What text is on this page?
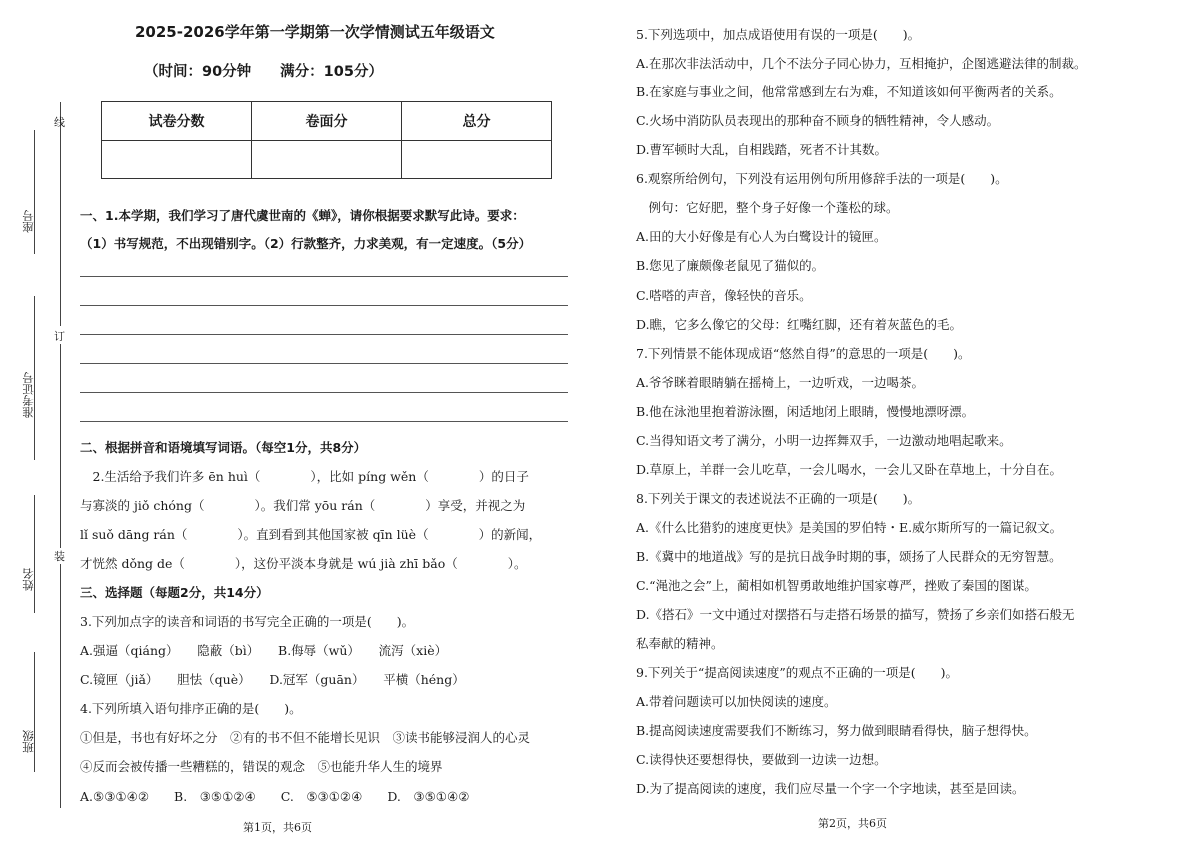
座号
准考证号
姓名
班级
线
订
装
2025-2026学年第一学期第一次学情测试五年级语文
（时间：90分钟　　满分：105分）
试卷分数	卷面分	总分

一、1.本学期，我们学习了唐代虞世南的《蝉》，请你根据要求默写此诗。要求：
（1）书写规范，不出现错别字。（2）行款整齐，力求美观，有一定速度。（5分）
二、根据拼音和语境填写词语。（每空1分，共8分）
　2.生活给予我们许多 ēn huì（　　　　），比如 píng wěn（　　　　）的日子
与寡淡的 jiǒ chóng（　　　　）。我们常 yōu rán（　　　　）享受，并视之为
lǐ suǒ dāng rán（　　　　）。直到看到其他国家被 qīn lüè（　　　　）的新闻，
才恍然 dǒng de（　　　　），这份平淡本身就是 wú jià zhī bǎo（　　　　）。
三、选择题（每题2分，共14分）
3.下列加点字的读音和词语的书写完全正确的一项是(　　)。
A.强逼（qiáng）　　隐蔽（bì）　　B.侮辱（wǔ）　　流泻（xiè）
C.镜匣（jiǎ）　　胆怯（què）　　D.冠军（guān）　　平横（héng）
4.下列所填入语句排序正确的是(　　)。
①但是，书也有好坏之分　②有的书不但不能增长见识　③读书能够浸润人的心灵
④反而会被传播一些糟糕的，错误的观念　⑤也能升华人生的境界
A.⑤③①④②　　B.　③⑤①②④　　C.　⑤③①②④　　D.　③⑤①④②
第1页，共6页
5.下列选项中，加点成语使用有误的一项是(　　)。
A.在那次非法活动中，几个不法分子同心协力，互相掩护，企图逃避法律的制裁。
B.在家庭与事业之间，他常常感到左右为难，不知道该如何平衡两者的关系。
C.火场中消防队员表现出的那种奋不顾身的牺牲精神，令人感动。
D.曹军顿时大乱，自相践踏，死者不计其数。
6.观察所给例句，下列没有运用例句所用修辞手法的一项是(　　)。
　例句：它好肥，整个身子好像一个蓬松的球。
A.田的大小好像是有心人为白鹭设计的镜匣。
B.您见了廉颇像老鼠见了猫似的。
C.嗒嗒的声音，像轻快的音乐。
D.瞧，它多么像它的父母：红嘴红脚，还有着灰蓝色的毛。
7.下列情景不能体现成语“悠然自得”的意思的一项是(　　)。
A.爷爷眯着眼睛躺在摇椅上，一边听戏，一边喝茶。
B.他在泳池里抱着游泳圈，闲适地闭上眼睛，慢慢地漂呀漂。
C.当得知语文考了满分，小明一边挥舞双手，一边激动地唱起歌来。
D.草原上，羊群一会儿吃草，一会儿喝水，一会儿又卧在草地上，十分自在。
8.下列关于课文的表述说法不正确的一项是(　　)。
A.《什么比猎豹的速度更快》是美国的罗伯特・E.威尔斯所写的一篇记叙文。
B.《冀中的地道战》写的是抗日战争时期的事，颂扬了人民群众的无穷智慧。
C.“渑池之会”上，蔺相如机智勇敢地维护国家尊严，挫败了秦国的图谋。
D.《搭石》一文中通过对摆搭石与走搭石场景的描写，赞扬了乡亲们如搭石般无
私奉献的精神。
9.下列关于“提高阅读速度”的观点不正确的一项是(　　)。
A.带着问题读可以加快阅读的速度。
B.提高阅读速度需要我们不断练习，努力做到眼睛看得快，脑子想得快。
C.读得快还要想得快，要做到一边读一边想。
D.为了提高阅读的速度，我们应尽量一个字一个字地读，甚至是回读。
第2页，共6页
